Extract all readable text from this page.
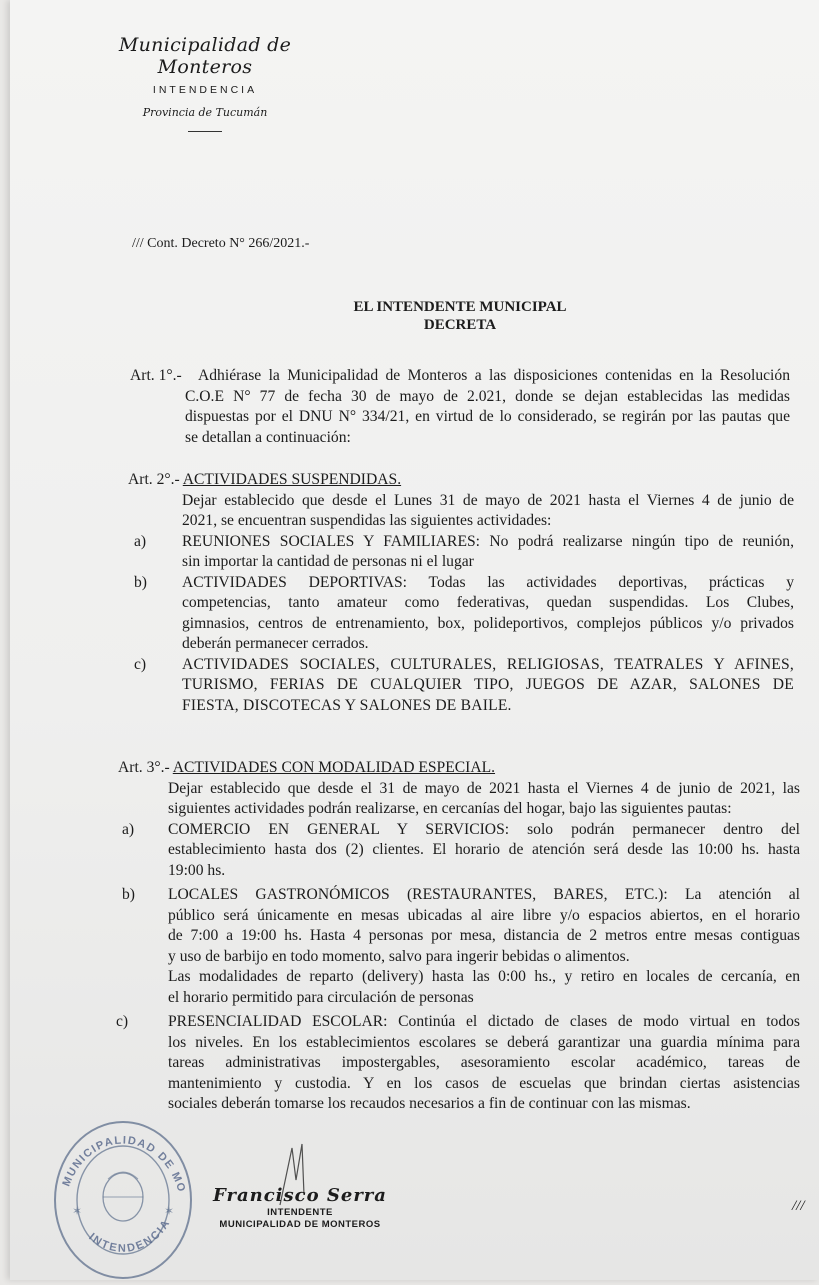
Municipalidad de Monteros
INTENDENCIA
Provincia de Tucumán
/// Cont. Decreto N° 266/2021.-
EL INTENDENTE MUNICIPAL
DECRETA
Art. 1°.- Adhiérase la Municipalidad de Monteros a las disposiciones contenidas en la Resolución
C.O.E N° 77 de fecha 30 de mayo de 2.021, donde se dejan establecidas las medidas
dispuestas por el DNU N° 334/21, en virtud de lo considerado, se regirán por las pautas que
se detallan a continuación:
Art. 2°.- ACTIVIDADES SUSPENDIDAS.
Dejar establecido que desde el Lunes 31 de mayo de 2021 hasta el Viernes 4 de junio de
2021, se encuentran suspendidas las siguientes actividades:
a) REUNIONES SOCIALES Y FAMILIARES: No podrá realizarse ningún tipo de reunión,
sin importar la cantidad de personas ni el lugar
b) ACTIVIDADES DEPORTIVAS: Todas las actividades deportivas, prácticas y
competencias, tanto amateur como federativas, quedan suspendidas. Los Clubes,
gimnasios, centros de entrenamiento, box, polideportivos, complejos públicos y/o privados
deberán permanecer cerrados.
c) ACTIVIDADES SOCIALES, CULTURALES, RELIGIOSAS, TEATRALES Y AFINES,
TURISMO, FERIAS DE CUALQUIER TIPO, JUEGOS DE AZAR, SALONES DE
FIESTA, DISCOTECAS Y SALONES DE BAILE.
Art. 3°.- ACTIVIDADES CON MODALIDAD ESPECIAL.
Dejar establecido que desde el 31 de mayo de 2021 hasta el Viernes 4 de junio de 2021, las
siguientes actividades podrán realizarse, en cercanías del hogar, bajo las siguientes pautas:
a) COMERCIO EN GENERAL Y SERVICIOS: solo podrán permanecer dentro del
establecimiento hasta dos (2) clientes. El horario de atención será desde las 10:00 hs. hasta
19:00 hs.
b) LOCALES GASTRONÓMICOS (RESTAURANTES, BARES, ETC.): La atención al
público será únicamente en mesas ubicadas al aire libre y/o espacios abiertos, en el horario
de 7:00 a 19:00 hs. Hasta 4 personas por mesa, distancia de 2 metros entre mesas contiguas
y uso de barbijo en todo momento, salvo para ingerir bebidas o alimentos.
Las modalidades de reparto (delivery) hasta las 0:00 hs., y retiro en locales de cercanía, en
el horario permitido para circulación de personas
c)	PRESENCIALIDAD ESCOLAR: Continúa el dictado de clases de modo virtual en todos
los niveles. En los establecimientos escolares se deberá garantizar una guardia mínima para
tareas administrativas impostergables, asesoramiento escolar académico, tareas de
mantenimiento y custodia. Y en los casos de escuelas que brindan ciertas asistencias
sociales deberán tomarse los recaudos necesarios a fin de continuar con las mismas.
MUNICIPALIDAD DE MO
INTENDENCIA
✶	✶
Francisco Serra
INTENDENTE
MUNICIPALIDAD DE MONTEROS
///
